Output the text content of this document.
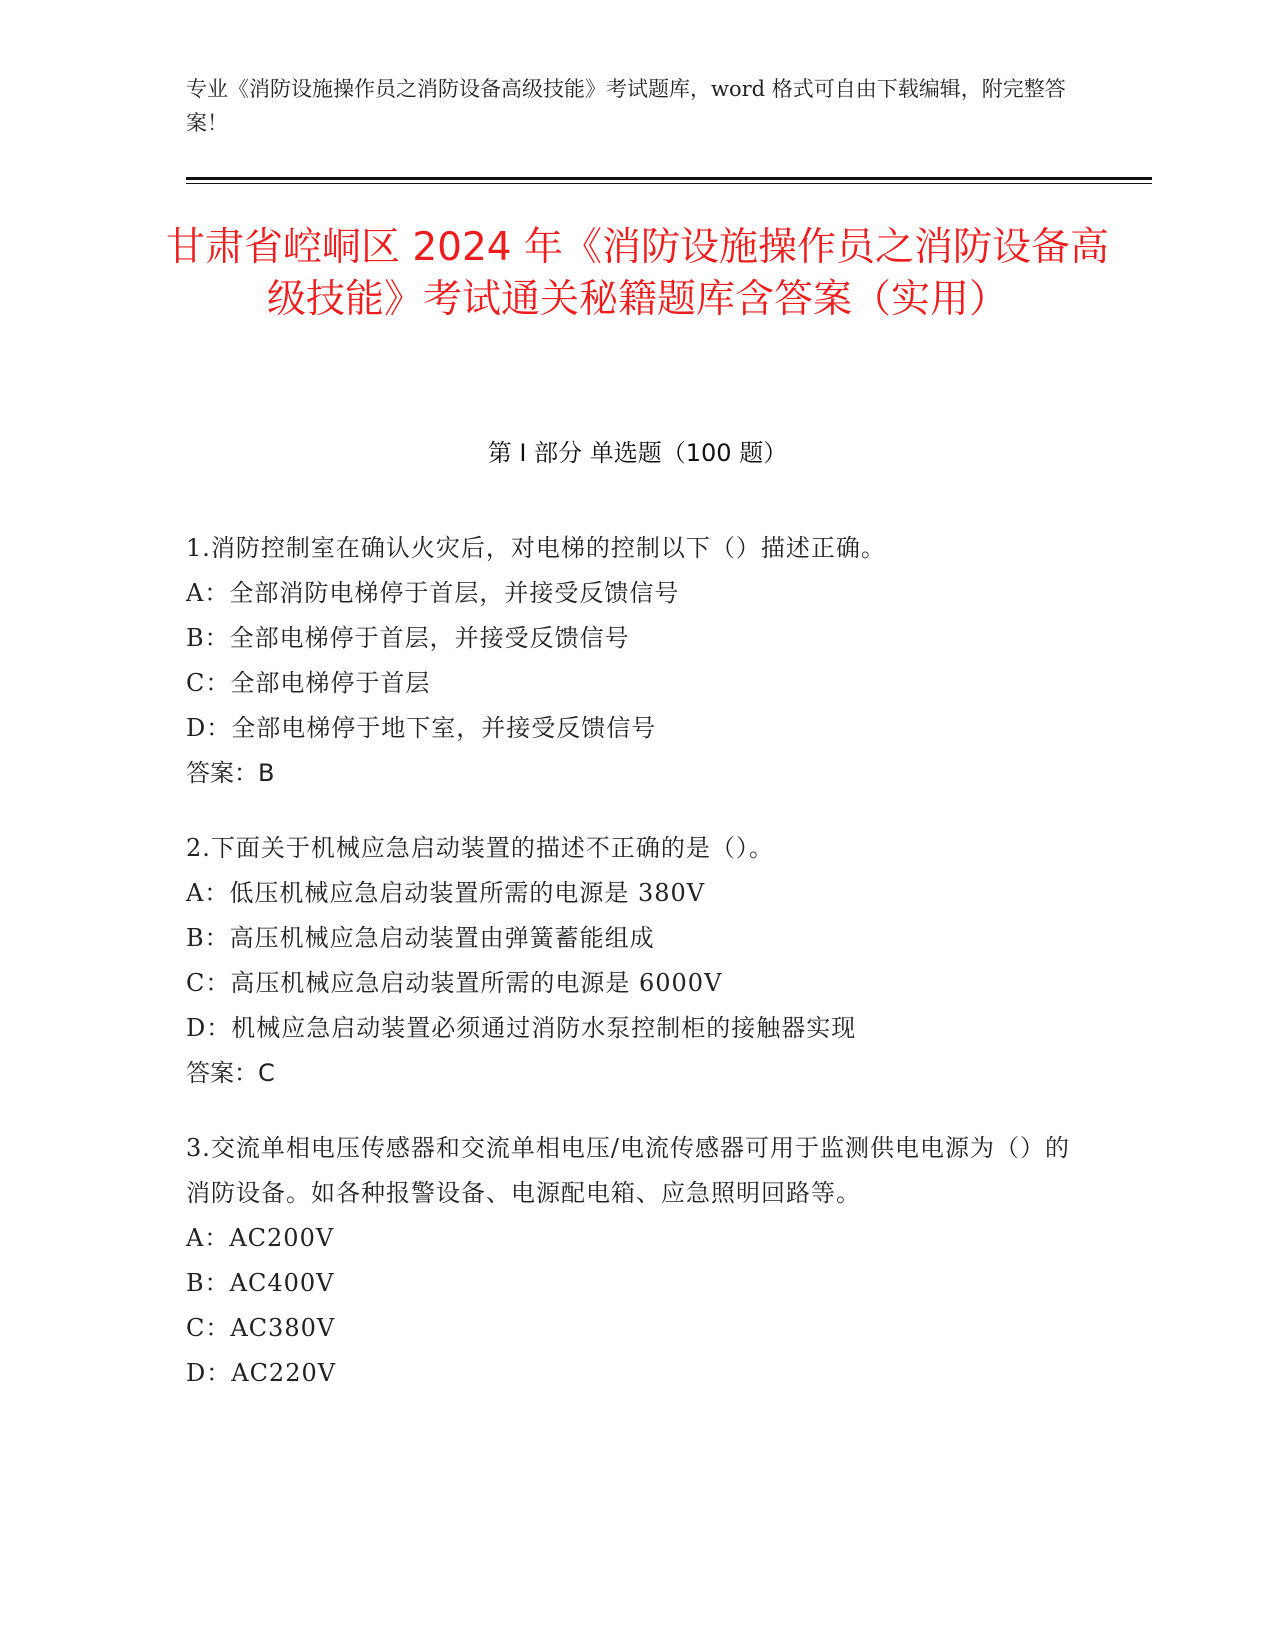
专业《消防设施操作员之消防设备高级技能》考试题库，word 格式可自由下载编辑，附完整答案！
甘肃省崆峒区 2024 年《消防设施操作员之消防设备高级技能》考试通关秘籍题库含答案（实用）
第 I 部分 单选题（100 题）
1.消防控制室在确认火灾后，对电梯的控制以下（）描述正确。
A：全部消防电梯停于首层，并接受反馈信号
B：全部电梯停于首层，并接受反馈信号
C：全部电梯停于首层
D：全部电梯停于地下室，并接受反馈信号
答案：B
2.下面关于机械应急启动装置的描述不正确的是（）。
A：低压机械应急启动装置所需的电源是 380V
B：高压机械应急启动装置由弹簧蓄能组成
C：高压机械应急启动装置所需的电源是 6000V
D：机械应急启动装置必须通过消防水泵控制柜的接触器实现
答案：C
3.交流单相电压传感器和交流单相电压/电流传感器可用于监测供电电源为（）的消防设备。如各种报警设备、电源配电箱、应急照明回路等。
A：AC200V
B：AC400V
C：AC380V
D：AC220V
